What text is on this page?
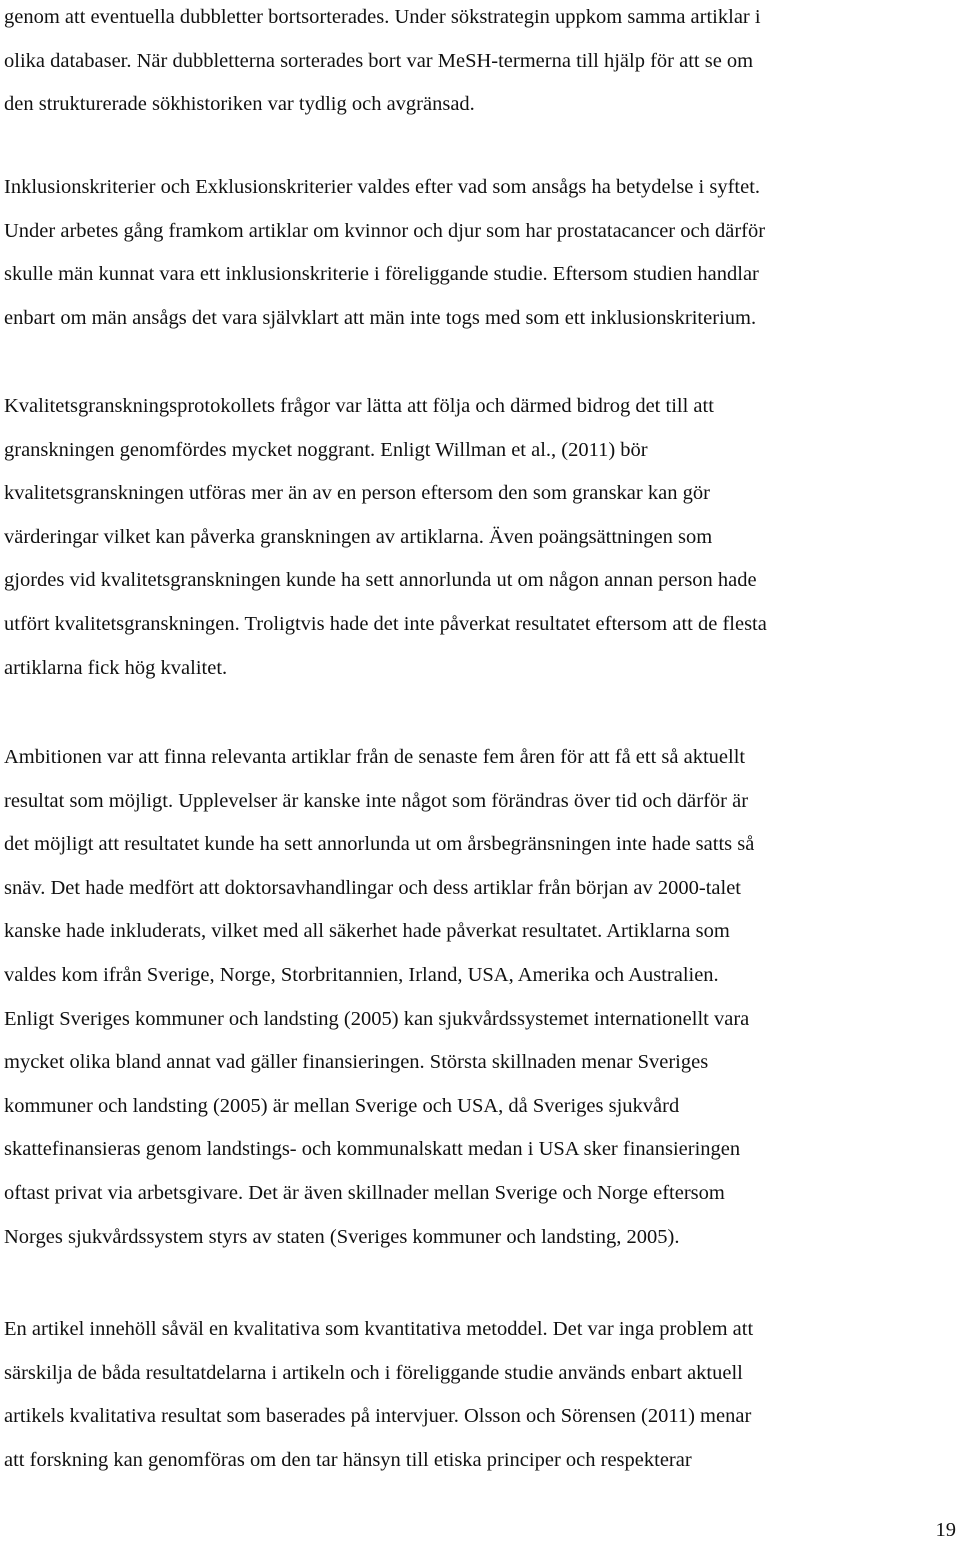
genom att eventuella dubbletter bortsorterades. Under sökstrategin uppkom samma artiklar i
olika databaser. När dubbletterna sorterades bort var MeSH-termerna till hjälp för att se om
den strukturerade sökhistoriken var tydlig och avgränsad.

Inklusionskriterier och Exklusionskriterier valdes efter vad som ansågs ha betydelse i syftet.
Under arbetes gång framkom artiklar om kvinnor och djur som har prostatacancer och därför
skulle män kunnat vara ett inklusionskriterie i föreliggande studie. Eftersom studien handlar
enbart om män ansågs det vara självklart att män inte togs med som ett inklusionskriterium.

Kvalitetsgranskningsprotokollets frågor var lätta att följa och därmed bidrog det till att
granskningen genomfördes mycket noggrant. Enligt Willman et al., (2011) bör
kvalitetsgranskningen utföras mer än av en person eftersom den som granskar kan gör
värderingar vilket kan påverka granskningen av artiklarna. Även poängsättningen som
gjordes vid kvalitetsgranskningen kunde ha sett annorlunda ut om någon annan person hade
utfört kvalitetsgranskningen. Troligtvis hade det inte påverkat resultatet eftersom att de flesta
artiklarna fick hög kvalitet.

Ambitionen var att finna relevanta artiklar från de senaste fem åren för att få ett så aktuellt
resultat som möjligt. Upplevelser är kanske inte något som förändras över tid och därför är
det möjligt att resultatet kunde ha sett annorlunda ut om årsbegränsningen inte hade satts så
snäv. Det hade medfört att doktorsavhandlingar och dess artiklar från början av 2000-talet
kanske hade inkluderats, vilket med all säkerhet hade påverkat resultatet. Artiklarna som
valdes kom ifrån Sverige, Norge, Storbritannien, Irland, USA, Amerika och Australien.
Enligt Sveriges kommuner och landsting (2005) kan sjukvårdssystemet internationellt vara
mycket olika bland annat vad gäller finansieringen. Största skillnaden menar Sveriges
kommuner och landsting (2005) är mellan Sverige och USA, då Sveriges sjukvård
skattefinansieras genom landstings- och kommunalskatt medan i USA sker finansieringen
oftast privat via arbetsgivare. Det är även skillnader mellan Sverige och Norge eftersom
Norges sjukvårdssystem styrs av staten (Sveriges kommuner och landsting, 2005).

En artikel innehöll såväl en kvalitativa som kvantitativa metoddel. Det var inga problem att
särskilja de båda resultatdelarna i artikeln och i föreliggande studie används enbart aktuell
artikels kvalitativa resultat som baserades på intervjuer. Olsson och Sörensen (2011) menar
att forskning kan genomföras om den tar hänsyn till etiska principer och respekterar

19
